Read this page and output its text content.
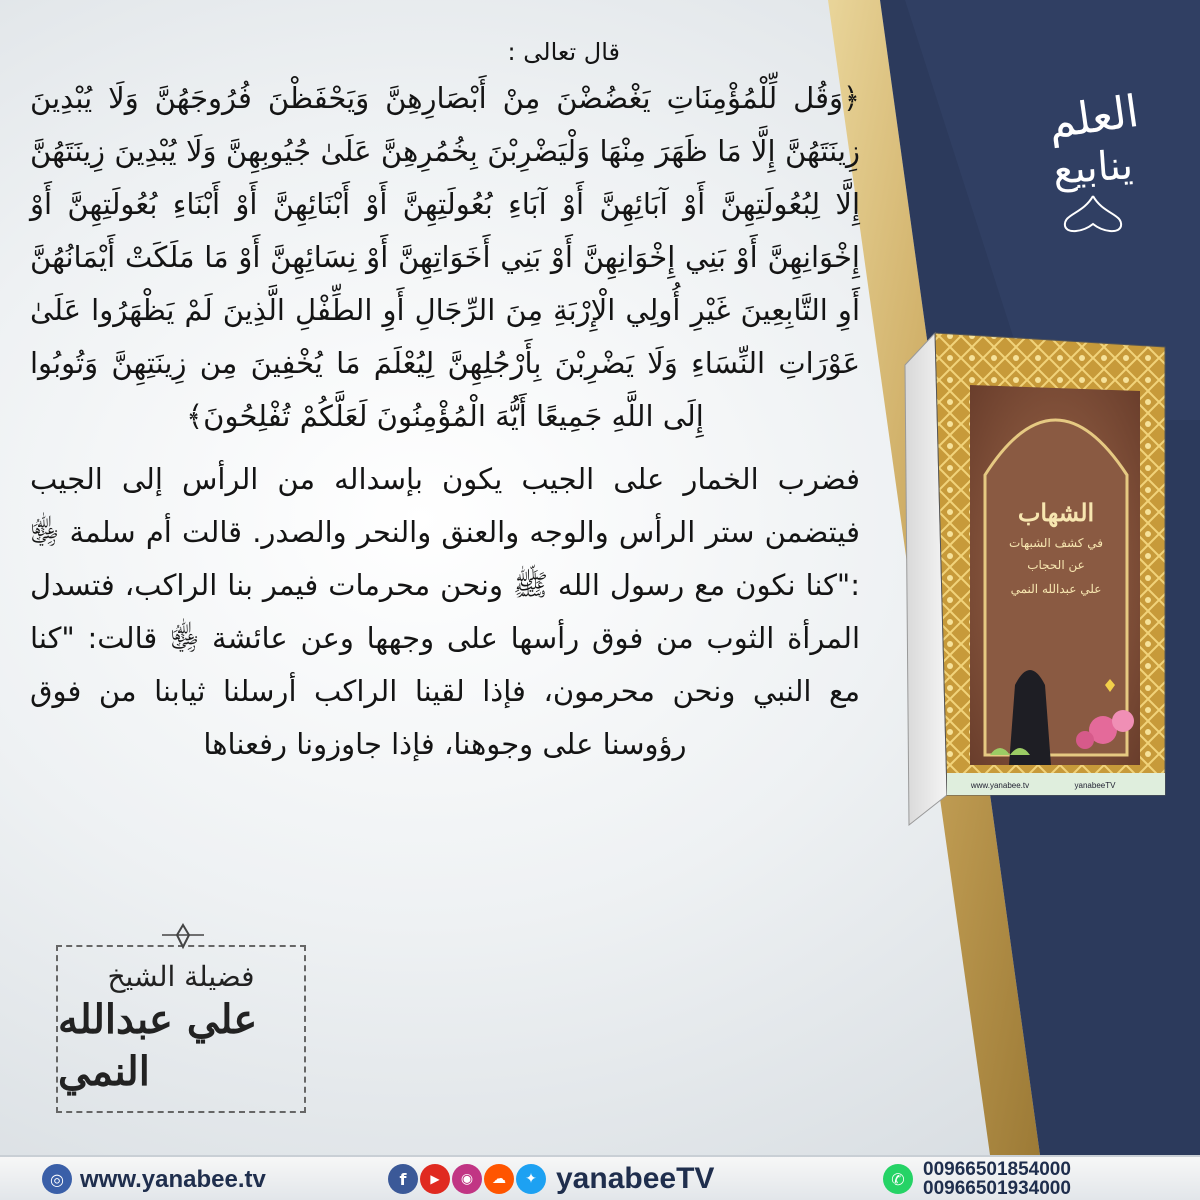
العلم
ينابيع
قال تعالى :

﴿وَقُل لِّلْمُؤْمِنَاتِ يَغْضُضْنَ مِنْ أَبْصَارِهِنَّ وَيَحْفَظْنَ فُرُوجَهُنَّ وَلَا يُبْدِينَ زِينَتَهُنَّ إِلَّا مَا ظَهَرَ مِنْهَا وَلْيَضْرِبْنَ بِخُمُرِهِنَّ عَلَىٰ جُيُوبِهِنَّ وَلَا يُبْدِينَ زِينَتَهُنَّ إِلَّا لِبُعُولَتِهِنَّ أَوْ آبَائِهِنَّ أَوْ آبَاءِ بُعُولَتِهِنَّ أَوْ أَبْنَائِهِنَّ أَوْ أَبْنَاءِ بُعُولَتِهِنَّ أَوْ إِخْوَانِهِنَّ أَوْ بَنِي إِخْوَانِهِنَّ أَوْ بَنِي أَخَوَاتِهِنَّ أَوْ نِسَائِهِنَّ أَوْ مَا مَلَكَتْ أَيْمَانُهُنَّ أَوِ التَّابِعِينَ غَيْرِ أُولِي الْإِرْبَةِ مِنَ الرِّجَالِ أَوِ الطِّفْلِ الَّذِينَ لَمْ يَظْهَرُوا عَلَىٰ عَوْرَاتِ النِّسَاءِ وَلَا يَضْرِبْنَ بِأَرْجُلِهِنَّ لِيُعْلَمَ مَا يُخْفِينَ مِن زِينَتِهِنَّ وَتُوبُوا إِلَى اللَّهِ جَمِيعًا أَيُّهَ الْمُؤْمِنُونَ لَعَلَّكُمْ تُفْلِحُونَ﴾

فضرب الخمار على الجيب يكون بإسداله من الرأس إلى الجيب فيتضمن ستر الرأس والوجه والعنق والنحر والصدر. قالت أم سلمة ﵂ :"كنا نكون مع رسول الله ﷺ ونحن محرمات فيمر بنا الراكب، فتسدل المرأة الثوب من فوق رأسها على وجهها وعن عائشة ﵂ قالت: "كنا مع النبي ونحن محرمون، فإذا لقينا الراكب أرسلنا ثيابنا من فوق رؤوسنا على وجوهنا، فإذا جاوزونا رفعناها

الشهاب
في كشف الشبهات
عن الحجاب
علي عبدالله النمي
www.yanabee.tv	yanabeeTV
فضيلة الشيخ
علي عبدالله النمي
◎ www.yanabee.tv	f	▶	◉	☁	✦ yanabeeTV	✆ 00966501854000
00966501934000
